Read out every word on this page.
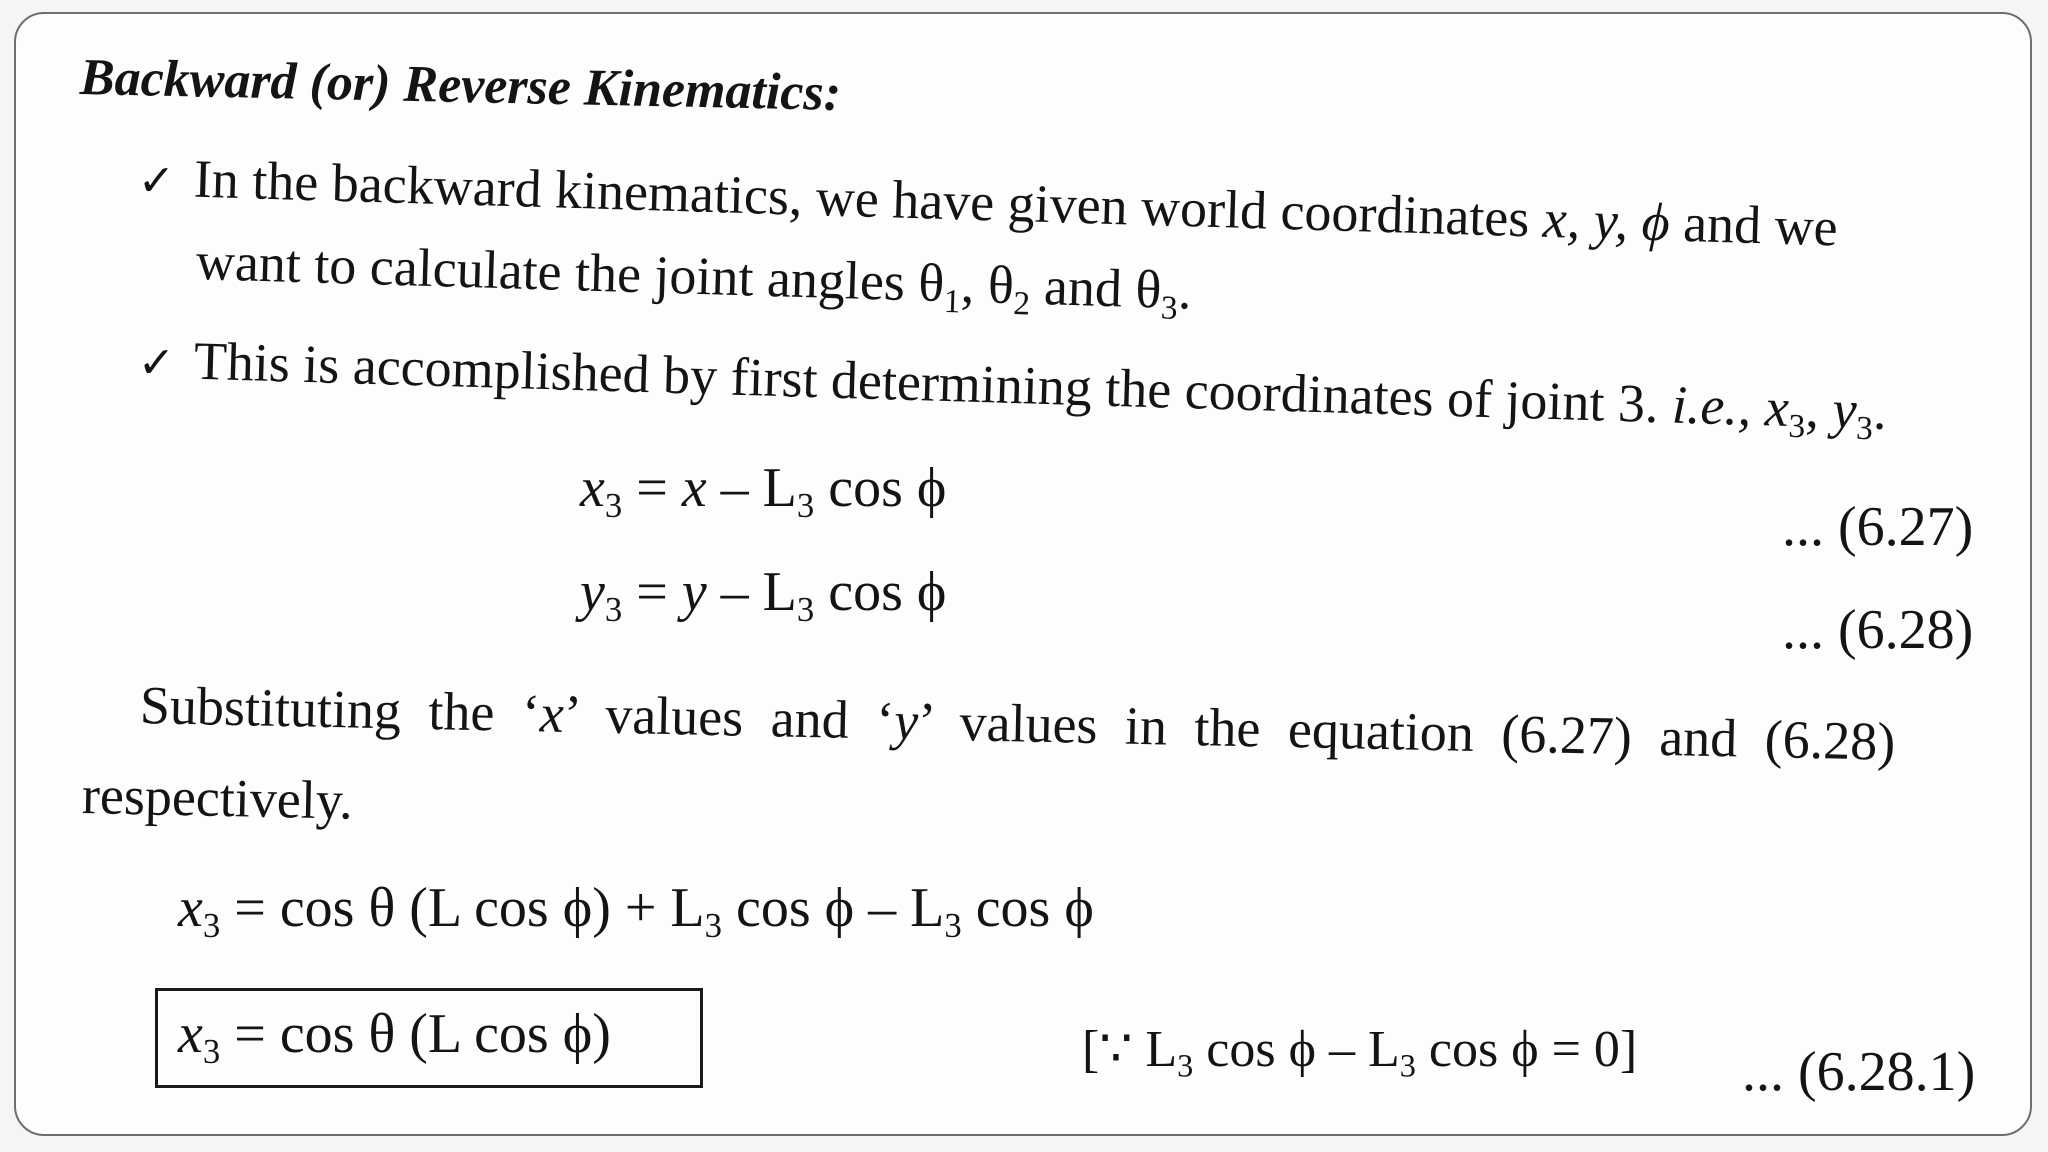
Backward (or) Reverse Kinematics:
✓ In the backward kinematics, we have given world coordinates x, y, ϕ and we
want to calculate the joint angles $\theta_1$, $\theta_2$ and $\theta_3$.
✓ This is accomplished by first determining the coordinates of joint 3. i.e., $x_3$, $y_3$.
$x_3 = x - L_3$ cos ϕ
... (6.27)
$y_3 = y - L_3$ cos ϕ
... (6.28)
Substituting the ‘x’ values and ‘y’ values in the equation (6.27) and (6.28)
respectively.
$x_3 = \cos \theta$ (L $\cos \phi) + L_3$ cos ϕ – $L_3$ cos ϕ
$x_3 = \cos \theta$ (L cos ϕ)	[∵ $L_3$ cos ϕ – $L_3$ cos ϕ = 0] ... (6.28.1)
